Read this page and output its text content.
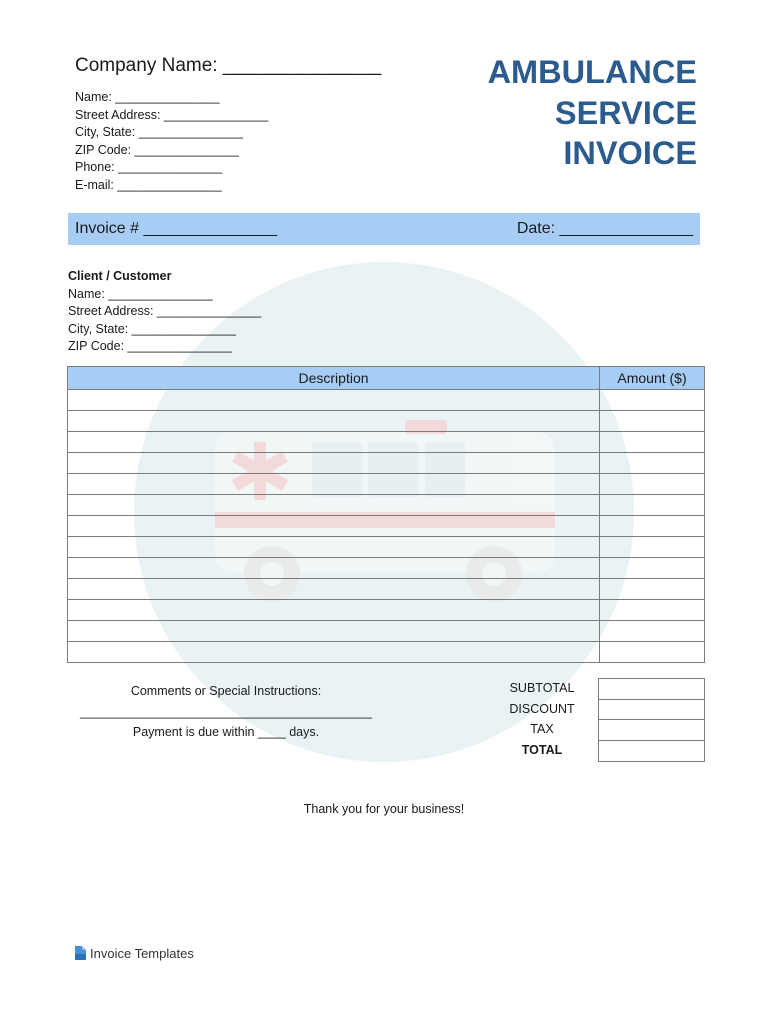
Company Name: _______________
Name: _______________
Street Address: _______________
City, State: _______________
ZIP Code: _______________
Phone: _______________
E-mail: _______________
AMBULANCE
SERVICE
INVOICE
Invoice # _______________	Date: _______________
Client / Customer
Name: _______________
Street Address: _______________
City, State: _______________
ZIP Code: _______________
Description	Amount ($)

Comments or Special Instructions:
__________________________________________
Payment is due within ____ days.
SUBTOTAL
DISCOUNT
TAX
TOTAL

Thank you for your business!
Invoice Templates
